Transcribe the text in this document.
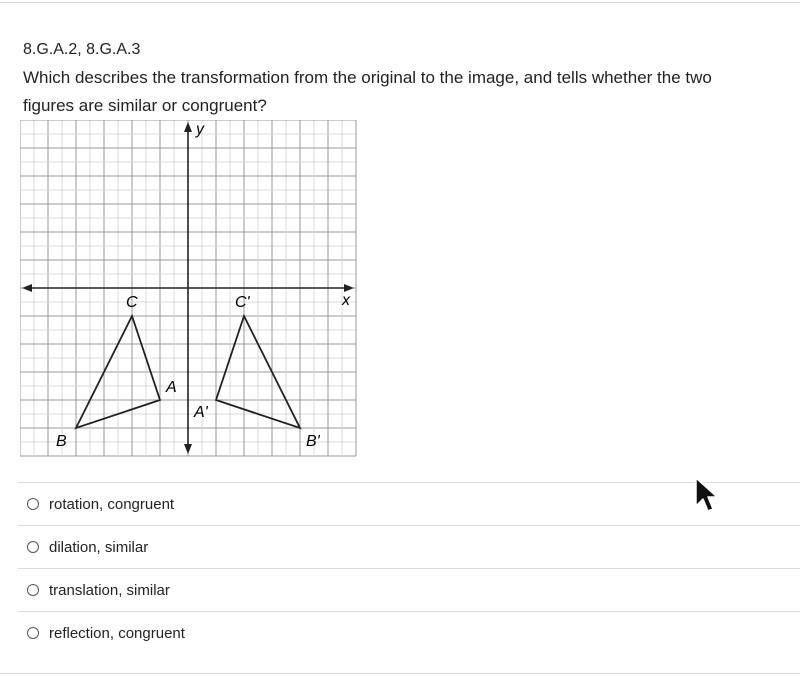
8.G.A.2, 8.G.A.3
Which describes the transformation from the original to the image, and tells whether the two figures are similar or congruent?
x
y
C	C'
A
A'
B	B'
rotation, congruent
dilation, similar
translation, similar
reflection, congruent
